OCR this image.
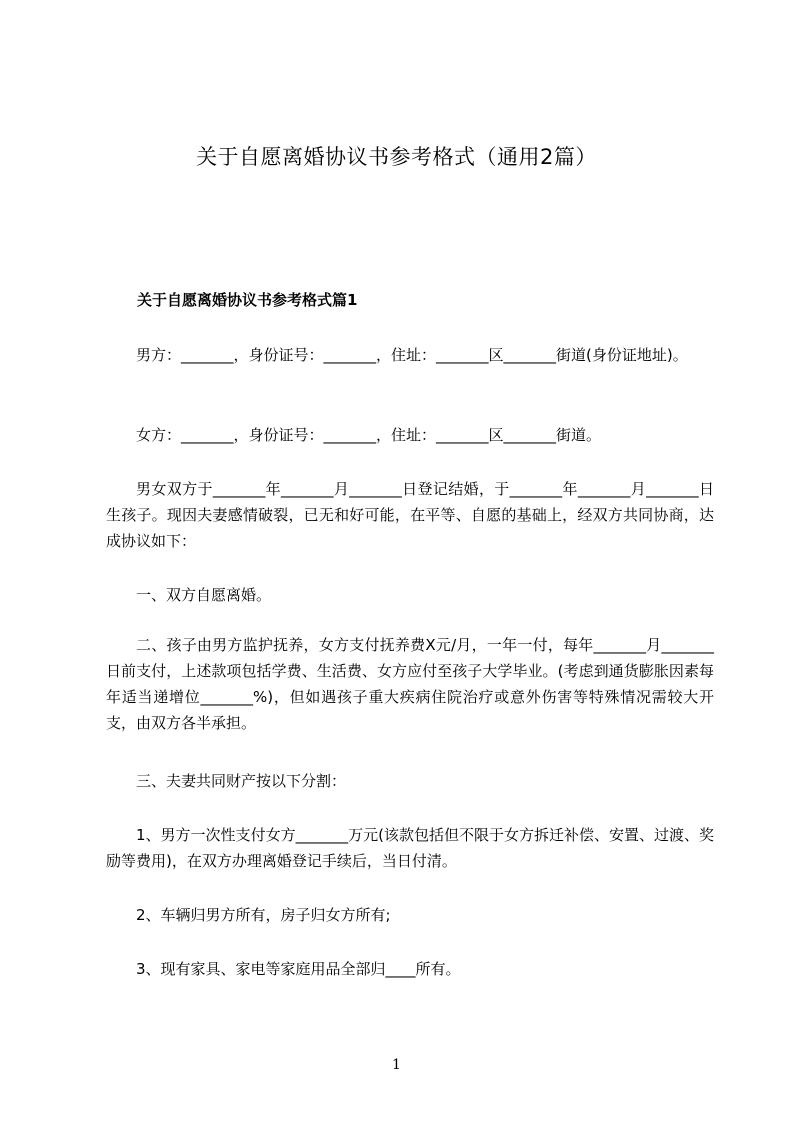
关于自愿离婚协议书参考格式（通用2篇）
关于自愿离婚协议书参考格式篇1

男方：_______，身份证号：_______，住址：_______区_______街道(身份证地址)。

女方：_______，身份证号：_______，住址：_______区_______街道。

男女双方于_______年_______月_______日登记结婚，于_______年_______月_______日生孩子。现因夫妻感情破裂，已无和好可能，在平等、自愿的基础上，经双方共同协商，达成协议如下：

一、双方自愿离婚。

二、孩子由男方监护抚养，女方支付抚养费X元/月，一年一付，每年_______月_______日前支付，上述款项包括学费、生活费、女方应付至孩子大学毕业。(考虑到通货膨胀因素每年适当递增位_______%)，但如遇孩子重大疾病住院治疗或意外伤害等特殊情况需较大开支，由双方各半承担。

三、夫妻共同财产按以下分割：

1、男方一次性支付女方_______万元(该款包括但不限于女方拆迁补偿、安置、过渡、奖励等费用)，在双方办理离婚登记手续后，当日付清。

2、车辆归男方所有，房子归女方所有;

3、现有家具、家电等家庭用品全部归____所有。

1
